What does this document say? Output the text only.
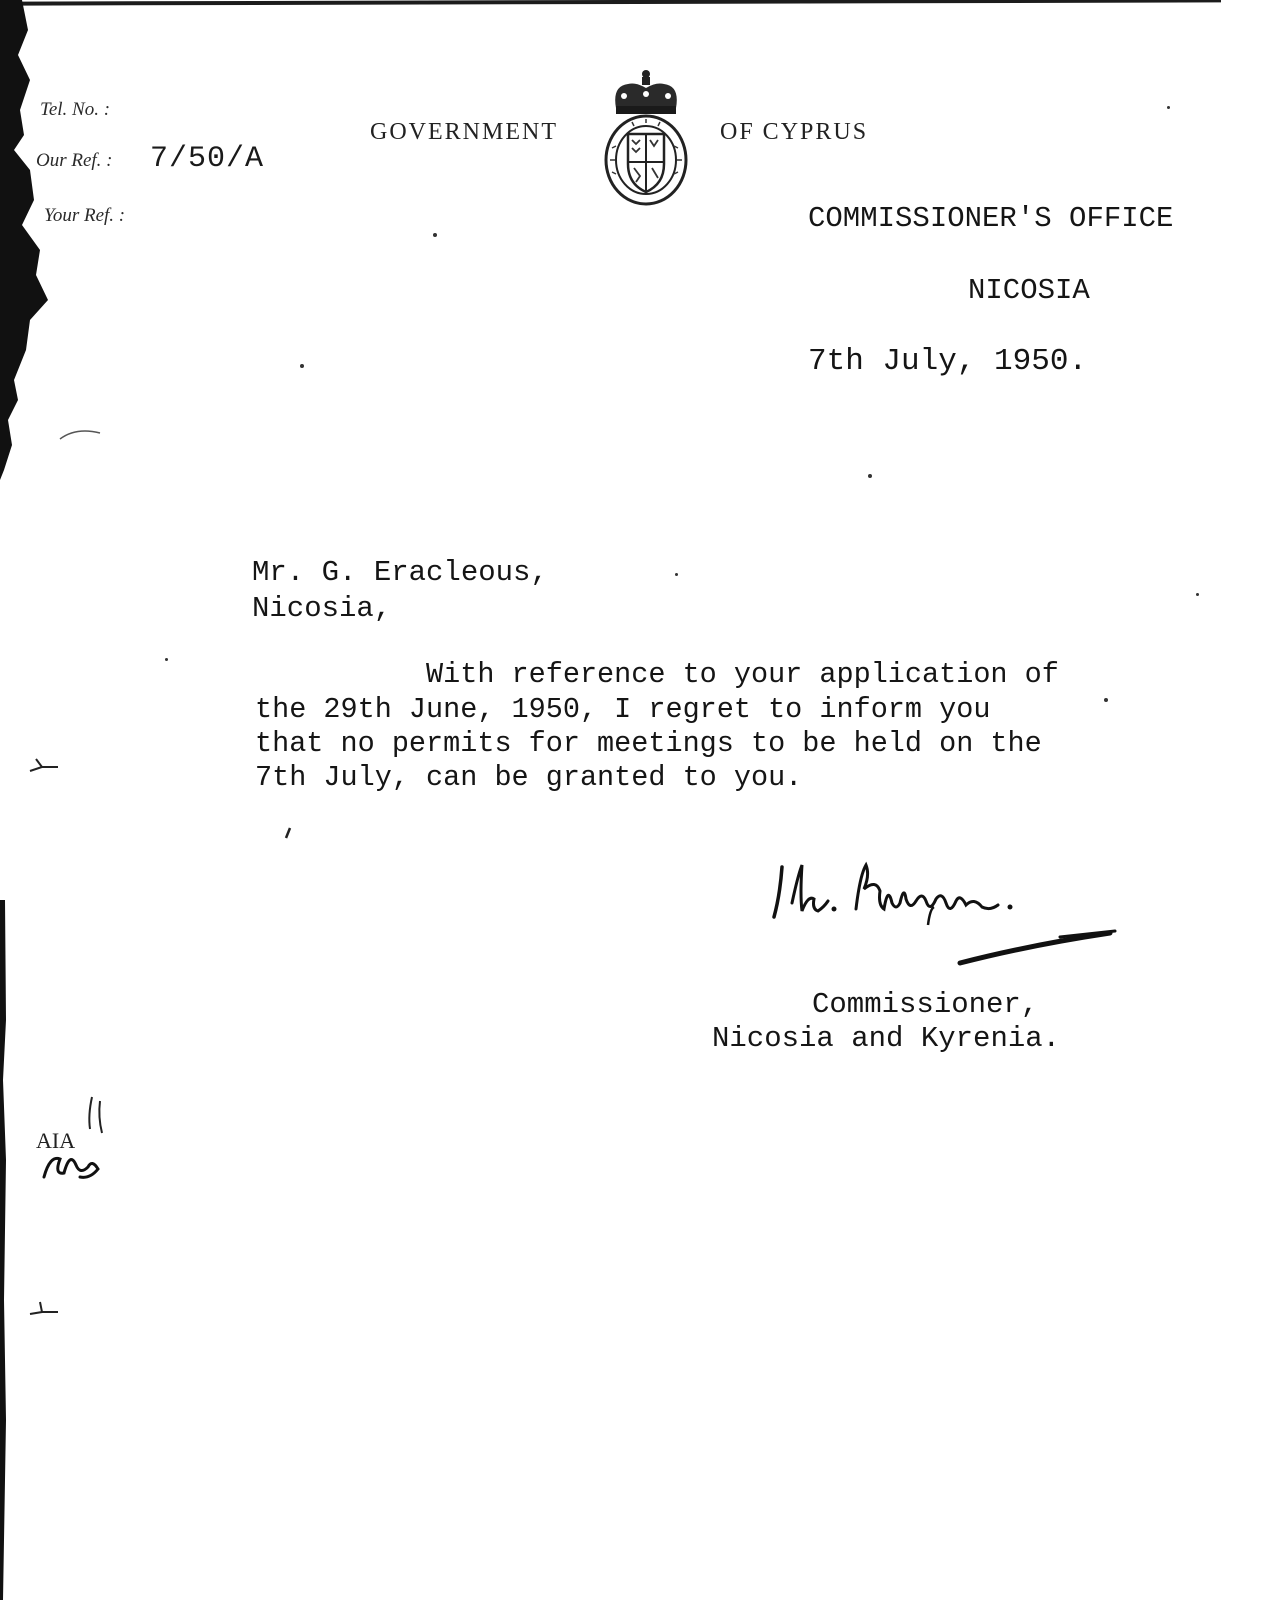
Tel. No. :
Our Ref. : 7/50/A
Your Ref. :
GOVERNMENT	OF CYPRUS
COMMISSIONER'S OFFICE
NICOSIA
7th July, 1950.
Mr. G. Eracleous,
Nicosia,
With reference to your application of
the 29th June, 1950, I regret to inform you
that no permits for meetings to be held on the
7th July, can be granted to you.
Commissioner,
Nicosia and Kyrenia.
AIA
